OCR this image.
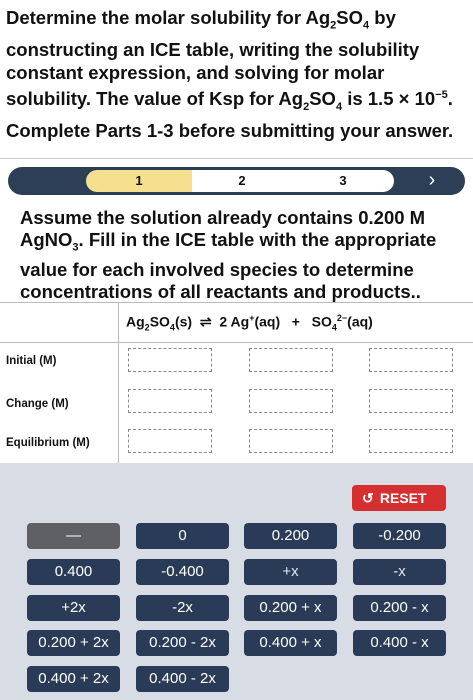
Determine the molar solubility for $Ag_2SO_4$ by constructing an ICE table, writing the solubility constant expression, and solving for molar solubility. The value of Ksp for $Ag_2SO_4$ is $1.5 \times 10^{-5}$. Complete Parts 1-3 before submitting your answer.
1	2	3	›
Assume the solution already contains 0.200 M AgNO$_3$. Fill in the ICE table with the appropriate value for each involved species to determine concentrations of all reactants and products..
$Ag_2SO_4(s)$ ⇌ 2 $Ag^+(aq) + SO_4^{2-}(aq)$
Initial (M)
Change (M)
Equilibrium (M)
↺ RESET
—	0	0.200	-0.200
0.400	-0.400	+x	-x
+2x	-2x	0.200 + x	0.200 - x
0.200 + 2x	0.200 - 2x	0.400 + x	0.400 - x
0.400 + 2x	0.400 - 2x
